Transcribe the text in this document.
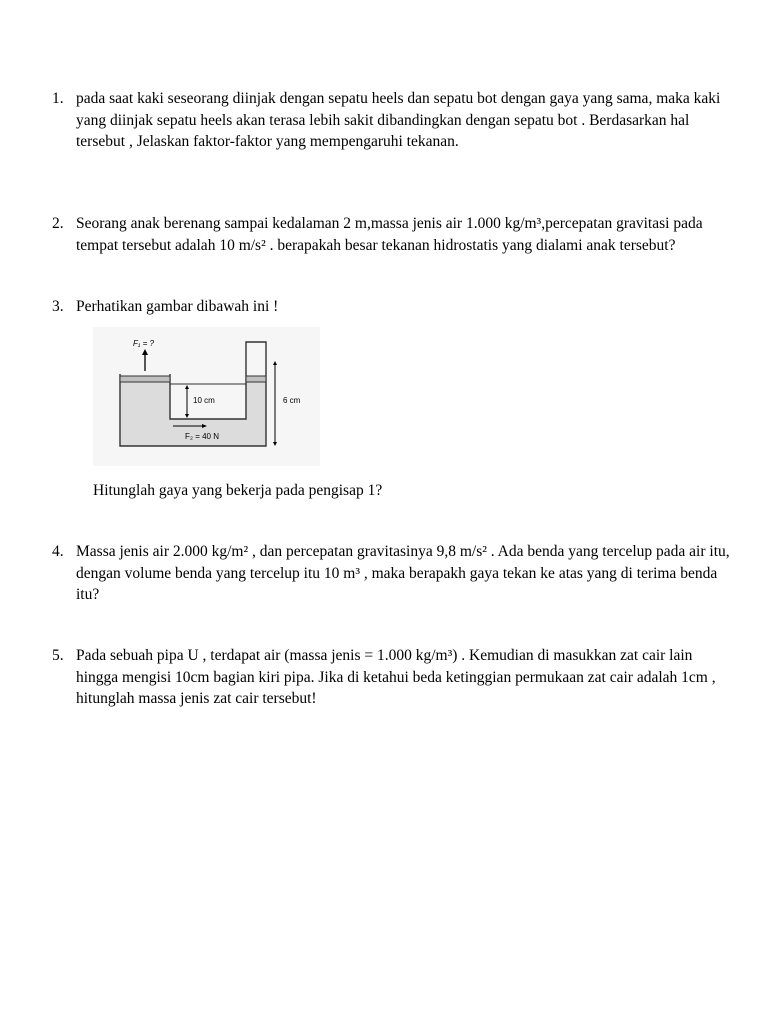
1. pada saat kaki seseorang diinjak dengan sepatu heels dan sepatu bot dengan gaya yang sama, maka kaki yang diinjak sepatu heels akan terasa lebih sakit dibandingkan dengan sepatu bot . Berdasarkan hal tersebut , Jelaskan faktor-faktor yang mempengaruhi tekanan.
2. Seorang anak berenang sampai kedalaman 2 m,massa jenis air 1.000 kg/m³,percepatan gravitasi pada tempat tersebut adalah 10 m/s² . berapakah besar tekanan hidrostatis yang dialami anak tersebut?
3. Perhatikan gambar dibawah ini !
F₁ = ?
10 cm	6 cm
F₂ = 40 N
Hitunglah gaya yang bekerja pada pengisap 1?
4. Massa jenis air 2.000 kg/m² , dan percepatan gravitasinya 9,8 m/s² . Ada benda yang tercelup pada air itu, dengan volume benda yang tercelup itu 10 m³ , maka berapakh gaya tekan ke atas yang di terima benda itu?
5. Pada sebuah pipa U , terdapat air (massa jenis = 1.000 kg/m³) . Kemudian di masukkan zat cair lain hingga mengisi 10cm bagian kiri pipa. Jika di ketahui beda ketinggian permukaan zat cair adalah 1cm , hitunglah massa jenis zat cair tersebut!
